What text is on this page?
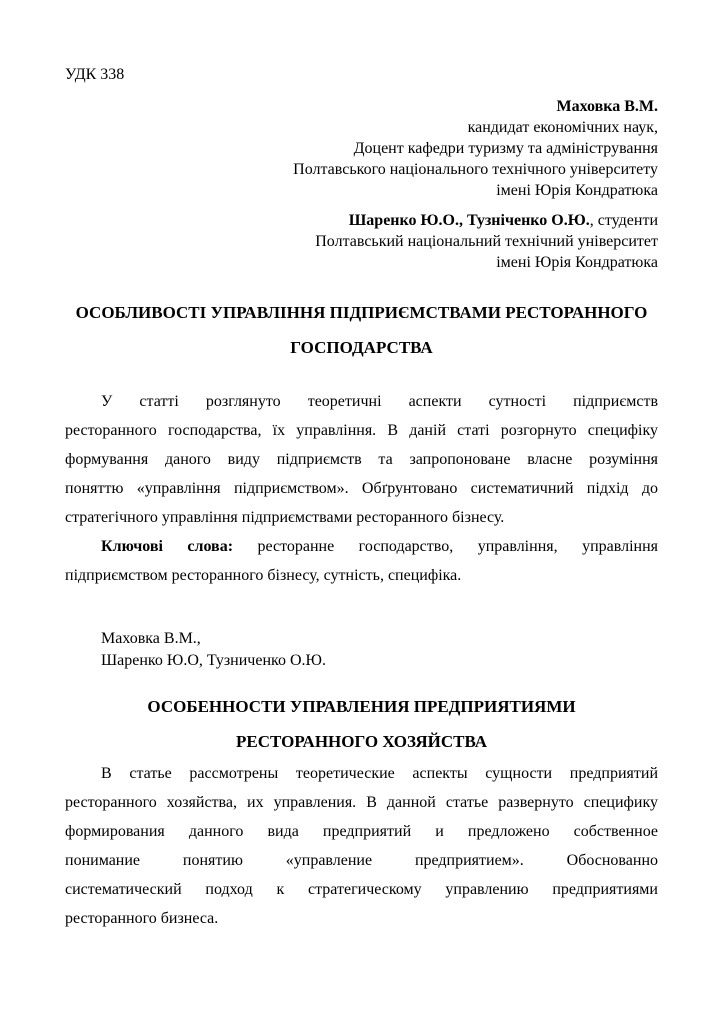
УДК 338
Маховка В.М.
кандидат економічних наук,
Доцент кафедри туризму та адміністрування
Полтавського національного технічного університету
імені Юрія Кондратюка
Шаренко Ю.О., Тузніченко О.Ю., студенти
Полтавський національний технічний університет
імені Юрія Кондратюка
ОСОБЛИВОСТІ УПРАВЛІННЯ ПІДПРИЄМСТВАМИ РЕСТОРАННОГО
ГОСПОДАРСТВА
У статті розглянуто теоретичні аспекти сутності підприємств
ресторанного господарства, їх управління. В даній статі розгорнуто специфіку
формування даного виду підприємств та запропоноване власне розуміння
поняттю «управління підприємством». Обґрунтовано систематичний підхід до
стратегічного управління підприємствами ресторанного бізнесу.
Ключові слова: ресторанне господарство, управління, управління
підприємством ресторанного бізнесу, сутність, специфіка.
Маховка В.М.,
Шаренко Ю.О, Тузниченко О.Ю.
ОСОБЕННОСТИ УПРАВЛЕНИЯ ПРЕДПРИЯТИЯМИ
РЕСТОРАННОГО ХОЗЯЙСТВА
В статье рассмотрены теоретические аспекты сущности предприятий
ресторанного хозяйства, их управления. В данной статье развернуто специфику
формирования данного вида предприятий и предложено собственное
понимание понятию «управление предприятием». Обоснованно
систематический подход к стратегическому управлению предприятиями
ресторанного бизнеса.
